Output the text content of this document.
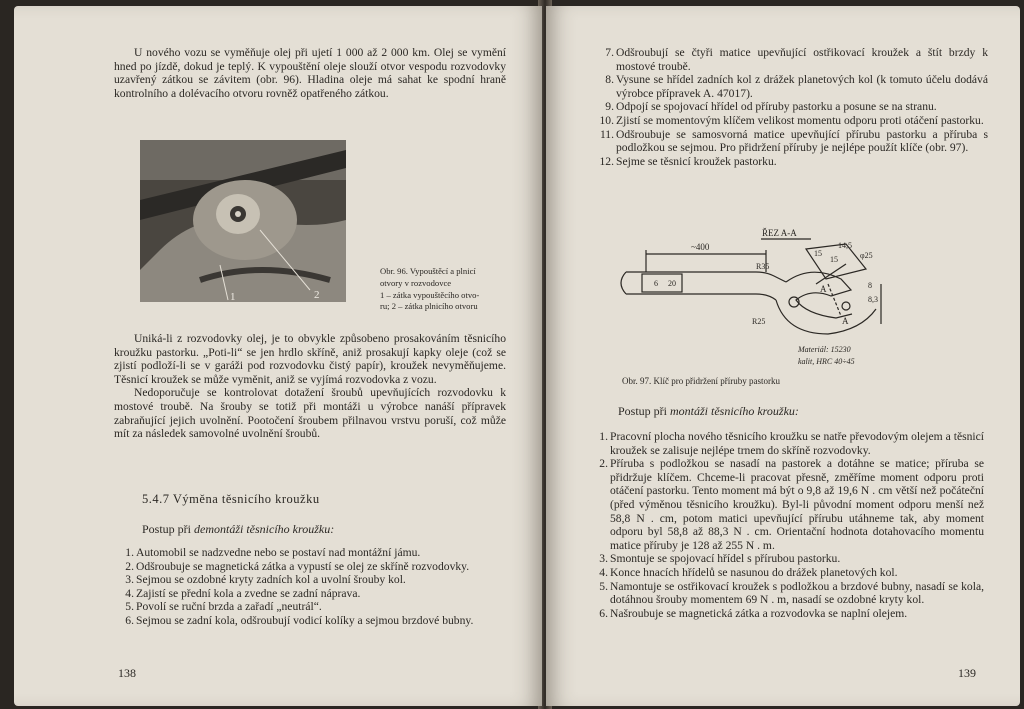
U nového vozu se vyměňuje olej při ujetí 1 000 až 2 000 km. Olej se vymění hned po jízdě, dokud je teplý. K vypouštění oleje slouží otvor vespodu rozvodovky uzavřený zátkou se závitem (obr. 96). Hladina oleje má sahat ke spodní hraně kontrolního a dolévacího otvoru rovněž opatřeného zátkou.

1	2
Obr. 96. Vypouštěcí a plnicí
otvory v rozvodovce
1 – zátka vypouštěcího otvo-
ru; 2 – zátka plnicího otvoru

Uniká-li z rozvodovky olej, je to obvykle způsobeno prosakováním těsnicího kroužku pastorku. „Poti-li“ se jen hrdlo skříně, aniž prosakují kapky oleje (což se zjistí podloží-li se v garáži pod rozvodovku čistý papír), kroužek nevyměňujeme. Těsnicí kroužek se může vyměnit, aniž se vyjímá rozvodovka z vozu.

Nedoporučuje se kontrolovat dotažení šroubů upevňujících rozvodovku k mostové troubě. Na šrouby se totiž při montáži u výrobce nanáší přípravek zabraňující jejich uvolnění. Pootočení šroubem přilnavou vrstvu poruší, což může mít za následek samovolné uvolnění šroubů.

5.4.7 Výměna těsnicího kroužku
Postup při demontáži těsnicího kroužku:
1. Automobil se nadzvedne nebo se postaví nad montážní jámu.
2. Odšroubuje se magnetická zátka a vypustí se olej ze skříně rozvodovky.
3. Sejmou se ozdobné kryty zadních kol a uvolní šrouby kol.
4. Zajistí se přední kola a zvedne se zadní náprava.
5. Povolí se ruční brzda a zařadí „neutrál“.
6. Sejmou se zadní kola, odšroubují vodicí kolíky a sejmou brzdové bubny.
138
7. Odšroubují se čtyři matice upevňující ostřikovací kroužek a štít brzdy k mostové troubě.
8. Vysune se hřídel zadních kol z drážek planetových kol (k tomuto účelu dodává výrobce přípravek A. 47017).
9. Odpojí se spojovací hřídel od příruby pastorku a posune se na stranu.
10. Zjistí se momentovým klíčem velikost momentu odporu proti otáčení pastorku.
11. Odšroubuje se samosvorná matice upevňující přírubu pastorku a příruba s podložkou se sejmou. Pro přidržení příruby je nejlépe použít klíče (obr. 97).
12. Sejme se těsnicí kroužek pastorku.
~400
ŘEZ A-A
6 20
R35
R25
15
15
14,5
φ25
8
8,3
A
A
Materiál: 15230
kalit, HRC 40÷45
Obr. 97. Klíč pro přidržení příruby pastorku
Postup při montáži těsnicího kroužku:
1. Pracovní plocha nového těsnicího kroužku se natře převodovým olejem a těsnicí kroužek se zalisuje nejlépe trnem do skříně rozvodovky.
2. Příruba s podložkou se nasadí na pastorek a dotáhne se matice; příruba se přidržuje klíčem. Chceme-li pracovat přesně, změříme moment odporu proti otáčení pastorku. Tento moment má být o 9,8 až 19,6 N . cm větší než počáteční (před výměnou těsnicího kroužku). Byl-li původní moment odporu menší než 58,8 N . cm, potom matici upevňující přírubu utáhneme tak, aby moment odporu byl 58,8 až 88,3 N . cm. Orientační hodnota dotahovacího momentu matice příruby je 128 až 255 N . m.
3. Smontuje se spojovací hřídel s přírubou pastorku.
4. Konce hnacích hřídelů se nasunou do drážek planetových kol.
5. Namontuje se ostřikovací kroužek s podložkou a brzdové bubny, nasadí se kola, dotáhnou šrouby momentem 69 N . m, nasadí se ozdobné kryty kol.
6. Našroubuje se magnetická zátka a rozvodovka se naplní olejem.
139
